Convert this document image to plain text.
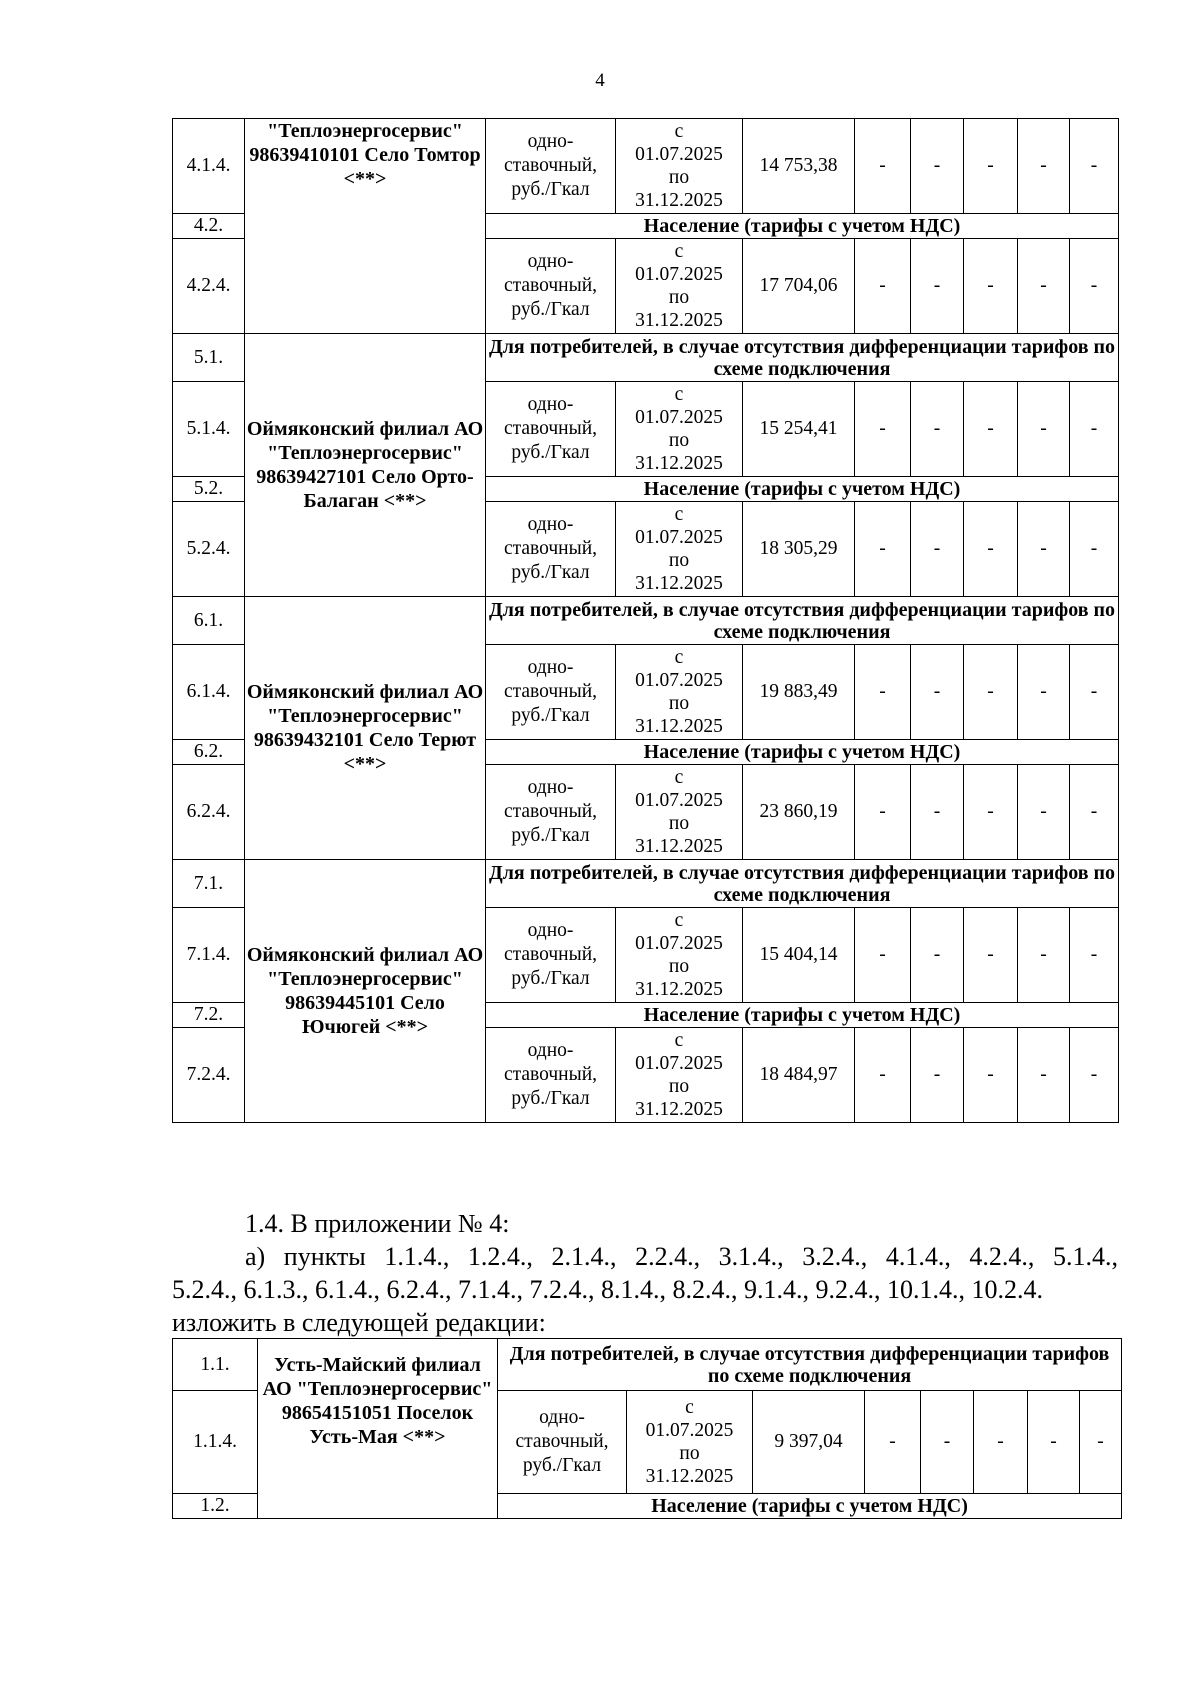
4
4.1.4.	"Теплоэнергосервис" 98639410101 Село Томтор <**>	одно-ставочный, руб./Гкал	с
01.07.2025
по
31.12.2025	14 753,38	-	-	-	-	-
4.2.		Население (тарифы с учетом НДС)							
4.2.4.		одно-ставочный, руб./Гкал	с
01.07.2025
по
31.12.2025	17 704,06	-	-	-	-	-
5.1.	Оймяконский филиал АО "Теплоэнергосервис" 98639427101 Село Орто-Балаган <**>	Для потребителей, в случае отсутствия дифференциации тарифов по схеме подключения							
5.1.4.		одно-ставочный, руб./Гкал	с
01.07.2025
по
31.12.2025	15 254,41	-	-	-	-	-
5.2.		Население (тарифы с учетом НДС)							
5.2.4.		одно-ставочный, руб./Гкал	с
01.07.2025
по
31.12.2025	18 305,29	-	-	-	-	-
6.1.	Оймяконский филиал АО "Теплоэнергосервис" 98639432101 Село Терют <**>	Для потребителей, в случае отсутствия дифференциации тарифов по схеме подключения							
6.1.4.		одно-ставочный, руб./Гкал	с
01.07.2025
по
31.12.2025	19 883,49	-	-	-	-	-
6.2.		Население (тарифы с учетом НДС)							
6.2.4.		одно-ставочный, руб./Гкал	с
01.07.2025
по
31.12.2025	23 860,19	-	-	-	-	-
7.1.	Оймяконский филиал АО "Теплоэнергосервис" 98639445101 Село Ючюгей <**>	Для потребителей, в случае отсутствия дифференциации тарифов по схеме подключения							
7.1.4.		одно-ставочный, руб./Гкал	с
01.07.2025
по
31.12.2025	15 404,14	-	-	-	-	-
7.2.		Население (тарифы с учетом НДС)							
7.2.4.		одно-ставочный, руб./Гкал	с
01.07.2025
по
31.12.2025	18 484,97	-	-	-	-	-

1.4. В приложении № 4:

а) пункты 1.1.4., 1.2.4., 2.1.4., 2.2.4., 3.1.4., 3.2.4., 4.1.4., 4.2.4., 5.1.4.,

5.2.4., 6.1.3., 6.1.4., 6.2.4., 7.1.4., 7.2.4., 8.1.4., 8.2.4., 9.1.4., 9.2.4., 10.1.4., 10.2.4.

изложить в следующей редакции:

1.1.	Усть-Майский филиал АО "Теплоэнергосервис" 98654151051 Поселок Усть-Мая <**>	Для потребителей, в случае отсутствия дифференциации тарифов по схеме подключения							
1.1.4.		одно-ставочный, руб./Гкал	с
01.07.2025
по
31.12.2025	9 397,04	-	-	-	-	-
1.2.		Население (тарифы с учетом НДС)							
